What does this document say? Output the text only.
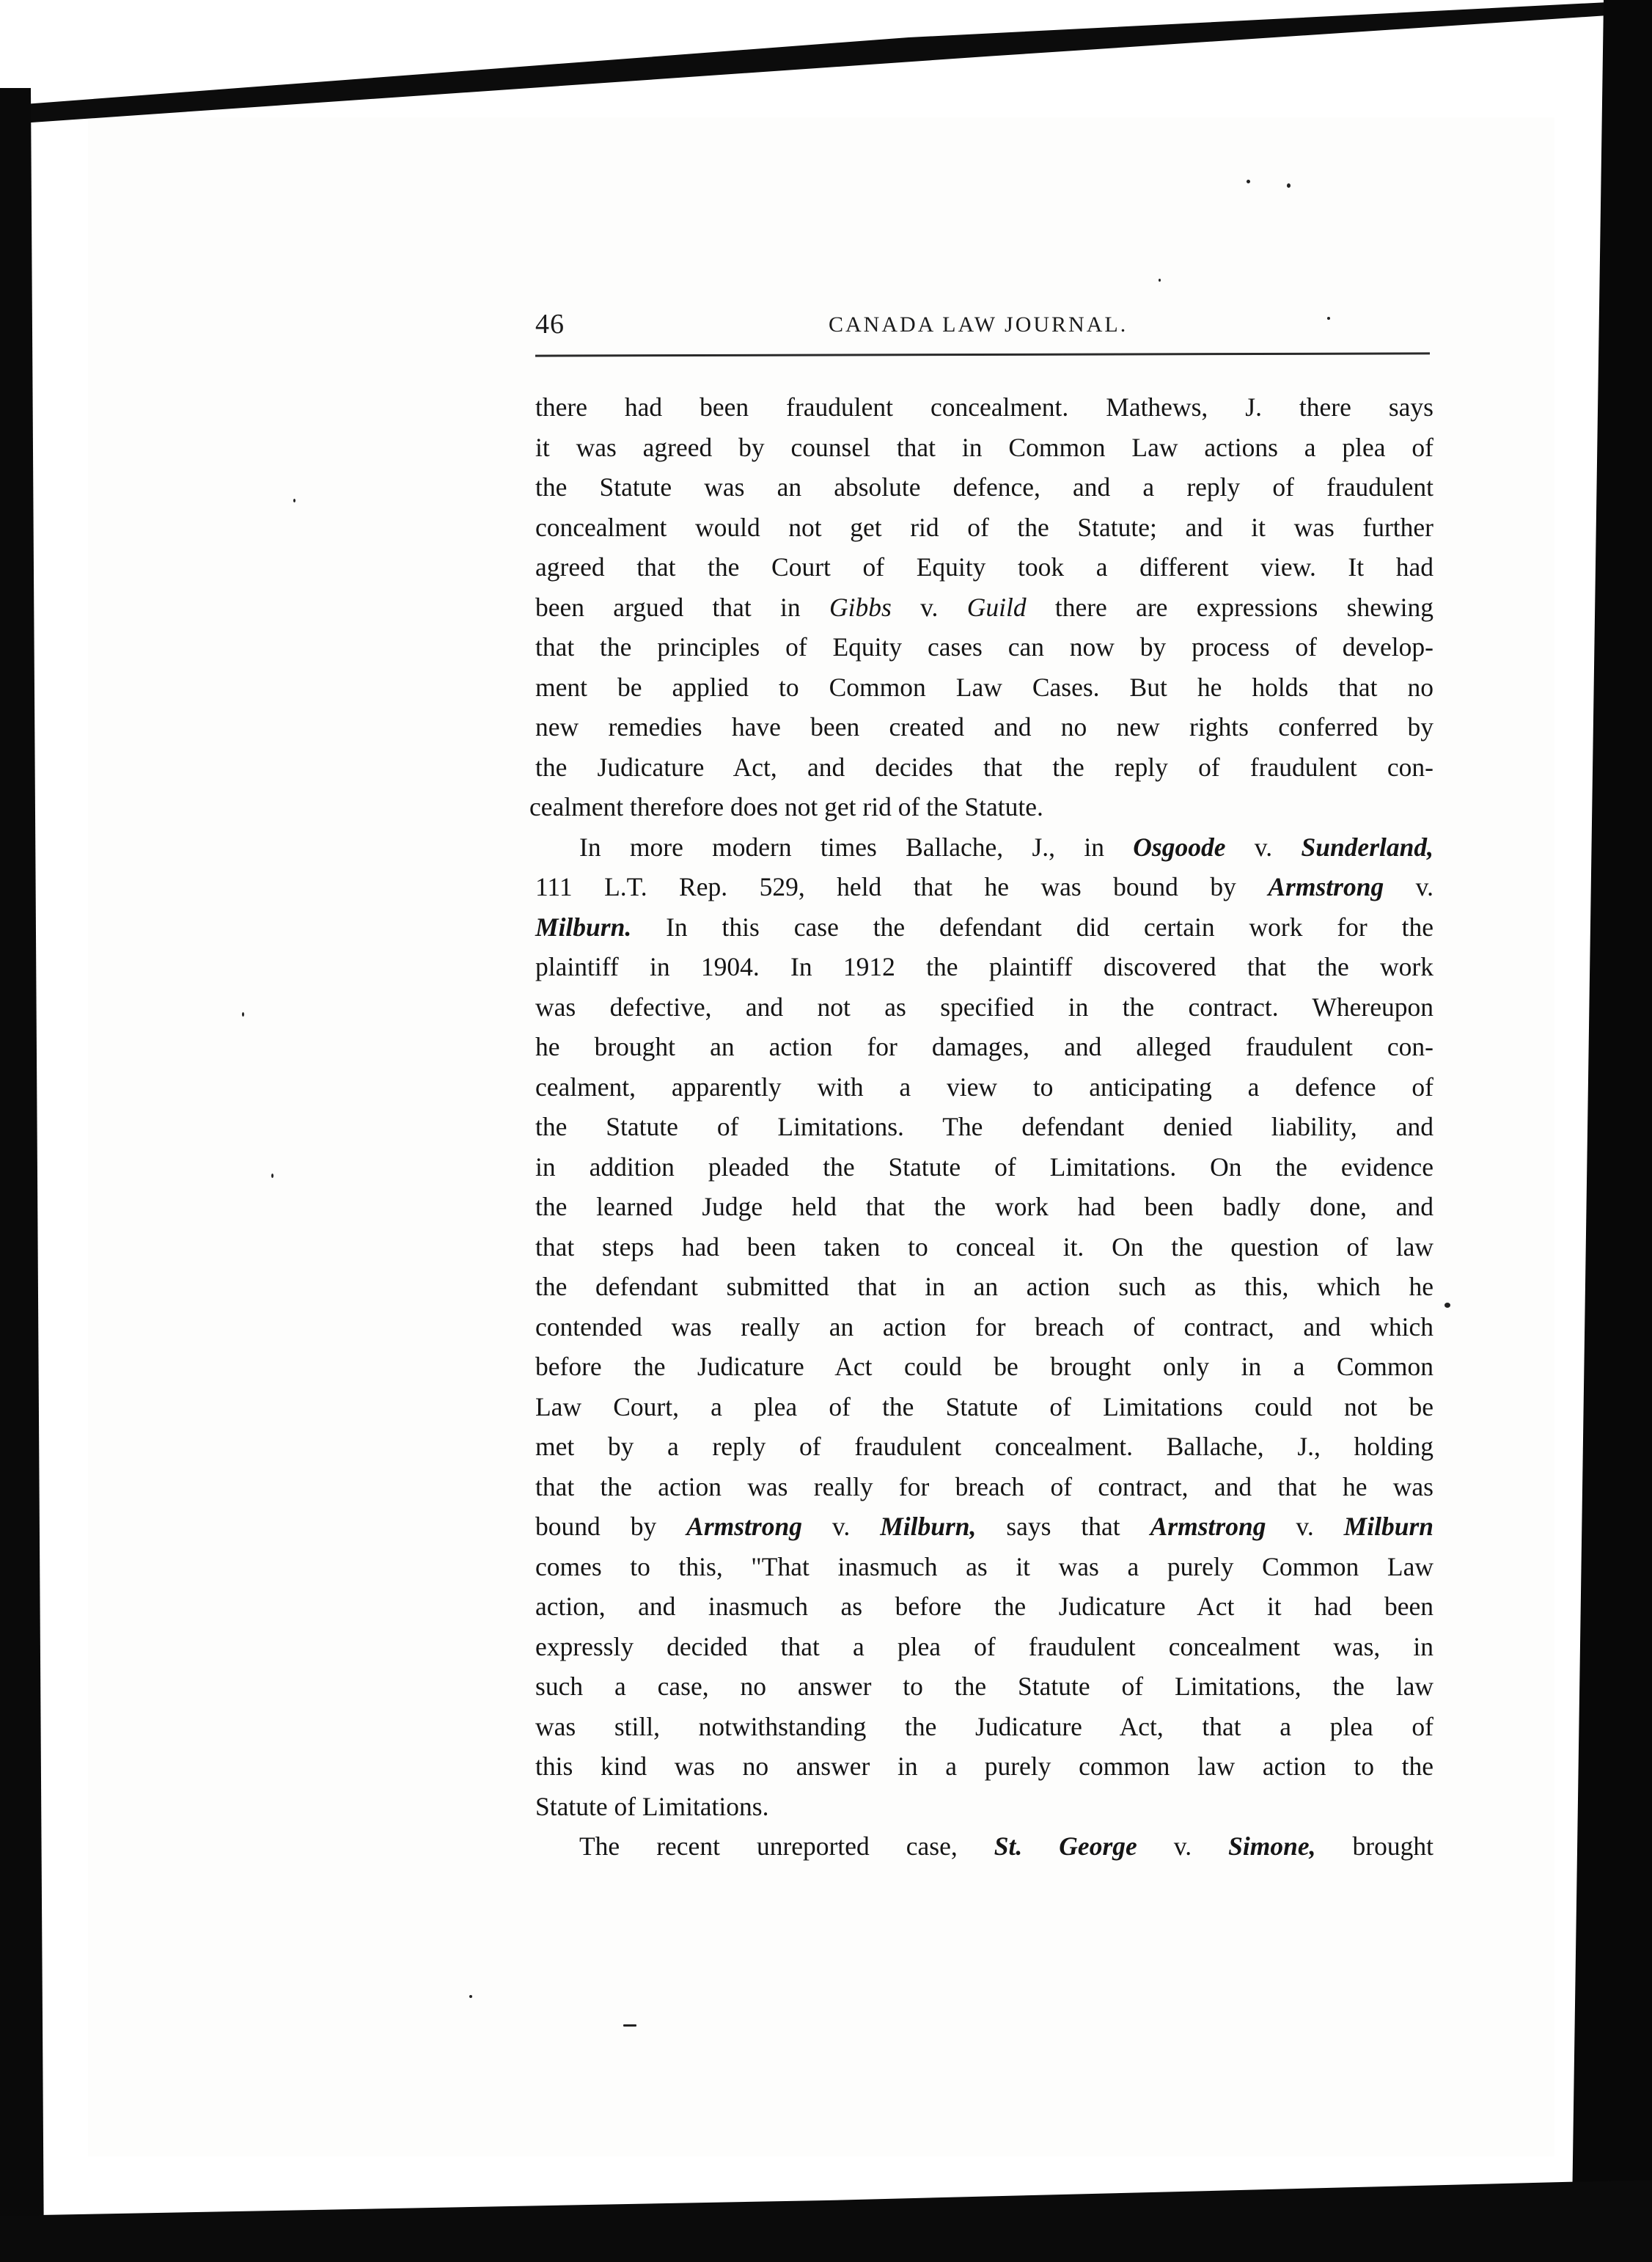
46	CANADA LAW JOURNAL.
there had been fraudulent concealment. Mathews, J. there says
it was agreed by counsel that in Common Law actions a plea of
the Statute was an absolute defence, and a reply of fraudulent
concealment would not get rid of the Statute; and it was further
agreed that the Court of Equity took a different view. It had
been argued that in Gibbs v. Guild there are expressions shewing
that the principles of Equity cases can now by process of develop-
ment be applied to Common Law Cases. But he holds that no
new remedies have been created and no new rights conferred by
the Judicature Act, and decides that the reply of fraudulent con-
cealment therefore does not get rid of the Statute.
In more modern times Ballache, J., in Osgoode v. Sunderland,
111 L.T. Rep. 529, held that he was bound by Armstrong v.
Milburn. In this case the defendant did certain work for the
plaintiff in 1904. In 1912 the plaintiff discovered that the work
was defective, and not as specified in the contract. Whereupon
he brought an action for damages, and alleged fraudulent con-
cealment, apparently with a view to anticipating a defence of
the Statute of Limitations. The defendant denied liability, and
in addition pleaded the Statute of Limitations. On the evidence
the learned Judge held that the work had been badly done, and
that steps had been taken to conceal it. On the question of law
the defendant submitted that in an action such as this, which he
contended was really an action for breach of contract, and which
before the Judicature Act could be brought only in a Common
Law Court, a plea of the Statute of Limitations could not be
met by a reply of fraudulent concealment. Ballache, J., holding
that the action was really for breach of contract, and that he was
bound by Armstrong v. Milburn, says that Armstrong v. Milburn
comes to this, "That inasmuch as it was a purely Common Law
action, and inasmuch as before the Judicature Act it had been
expressly decided that a plea of fraudulent concealment was, in
such a case, no answer to the Statute of Limitations, the law
was still, notwithstanding the Judicature Act, that a plea of
this kind was no answer in a purely common law action to the
Statute of Limitations.
The recent unreported case, St. George v. Simone, brought
